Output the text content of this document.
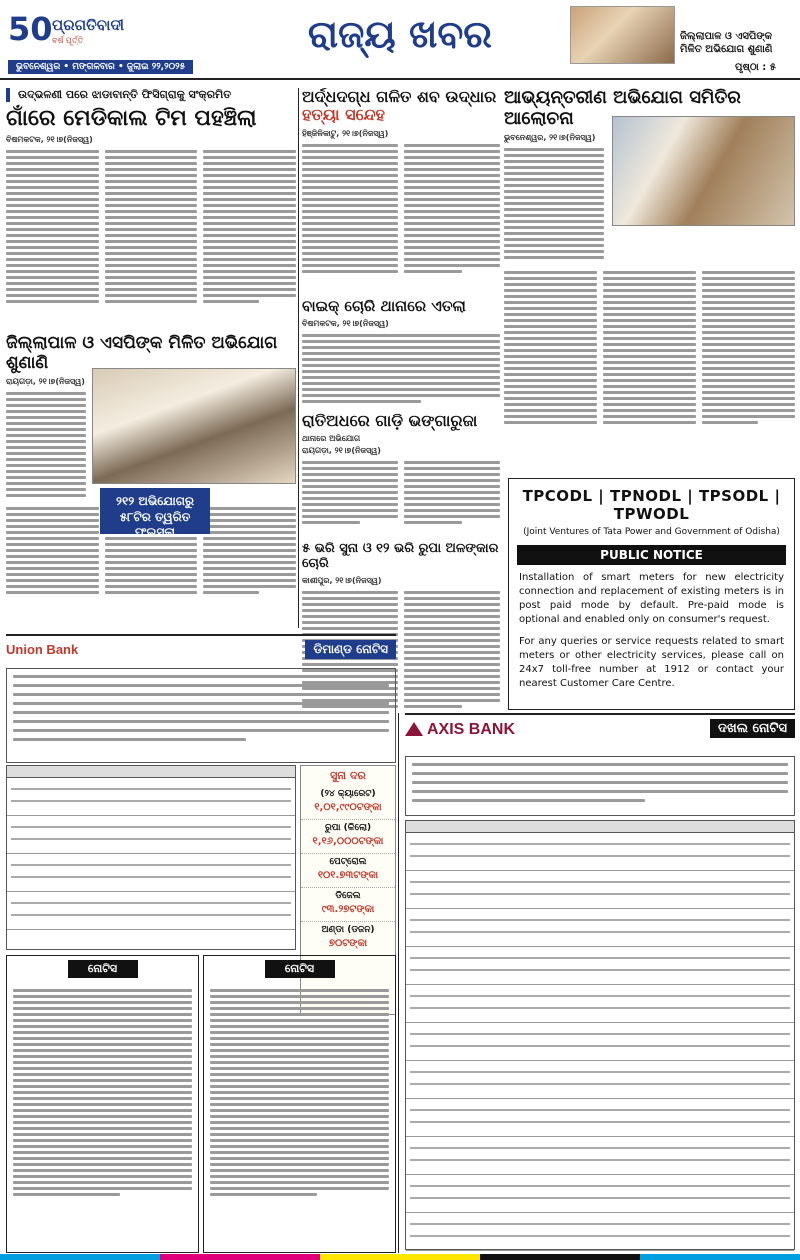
50 ପ୍ରଗତିବାଦୀ
ବର୍ଷ ପୂର୍ତ୍ତି
ଭୁବନେଶ୍ୱର • ମଙ୍ଗଳବାର • ଜୁଲାଇ ୨୨,୨୦୨୫
ରାଜ୍ୟ ଖବର	ଜିଲ୍ଲାପାଳ ଓ ଏସପିଙ୍କ ମିଳିତ ଅଭିଯୋଗ ଶୁଣାଣି
ପୃଷ୍ଠା : ୫
ଉଦ୍ଭଳଣୀ ପରେ ଝାଡାବାନ୍ତି ଫିସିଗ୍ରାକୁ ସଂକ୍ରମିତ
ଗାଁରେ ମେଡିକାଲ ଟିମ ପହଞ୍ଚିଲା
ବିଷମକଟକ, ୨୧।୭(ନିଜସ୍ୱ)
ଅର୍ଦ୍ଧଦଗ୍ଧ ଗଳିତ ଶବ ଉଦ୍ଧାର ହତ୍ୟା ସନ୍ଦେହ
ହିଞ୍ଜିଳିକାଟୁ, ୨୧।୭(ନିଜସ୍ୱ)
ଆଭ୍ୟନ୍ତରୀଣ ଅଭିଯୋଗ ସମିତିର ଆଲୋଚନା
ଭୁବନେଶ୍ୱର, ୨୧।୭(ନିଜସ୍ୱ)
ବାଇକ୍ ଚୋରି ଥାନାରେ ଏତଲା
ବିଷମକଟକ, ୨୧।୭(ନିଜସ୍ୱ)
ରାତିଅଧରେ ଗାଡ଼ି ଭଙ୍ଗାରୁଜା
ଥାନାରେ ଅଭିଯୋଗ
ରାୟଗଡ଼ା, ୨୧।୭(ନିଜସ୍ୱ)
ଜିଲ୍ଲାପାଳ ଓ ଏସପିଙ୍କ ମିଳିତ ଅଭିଯୋଗ ଶୁଣାଣି
ରାୟଗଡ଼ା, ୨୧।୭(ନିଜସ୍ୱ)
୨୧୨ ଅଭିଯୋଗରୁ ୫୮ଟିର ତ୍ୱରିତ ଫଇସଲା
୫ ଭରି ସୁନା ଓ ୧୨ ଭରି ରୁପା ଅଳଙ୍କାର ଚୋରି
କାଶୀପୁର, ୨୧।୭(ନିଜସ୍ୱ)
TPCODL | TPNODL | TPSODL | TPWODL
(Joint Ventures of Tata Power and Government of Odisha)
PUBLIC NOTICE

Installation of smart meters for new electricity connection and replacement of existing meters is in post paid mode by default. Pre-paid mode is optional and enabled only on consumer's request.

For any queries or service requests related to smart meters or other electricity services, please call on 24x7 toll-free number at 1912 or contact your nearest Customer Care Centre.

Union Bank	ଡିମାଣ୍ଡ ନୋଟିସ
ସୁନା ଦର
(୨୪ କ୍ୟାରେଟ)
୧,୦୧,୯୯୦ଟଙ୍କା
ରୁପା (କିଲୋ)
୧,୧୬,୦୦୦ଟଙ୍କା
ପେଟ୍ରୋଲ
୧୦୧.୭୩ଟଙ୍କା
ଡିଜେଲ
୯୩.୨୭ଟଙ୍କା
ଅଣ୍ଡା (ଡଜନ)
୭୦ଟଙ୍କା
AXIS BANK	ଦଖଲ ନୋଟିସ
ନୋଟିସ	ନୋଟିସ
